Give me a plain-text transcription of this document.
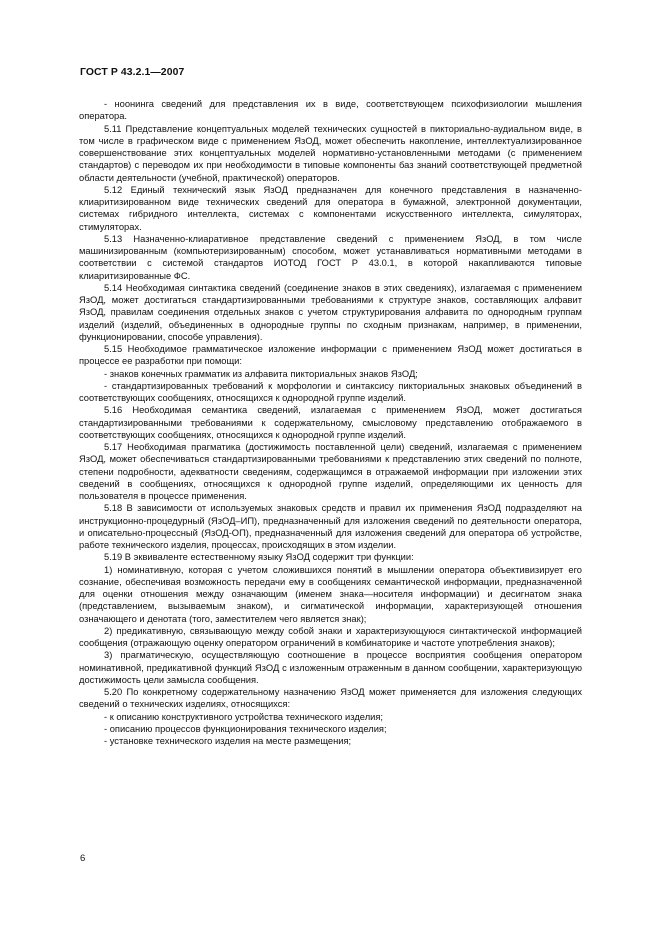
ГОСТ Р 43.2.1—2007

- ноонинга сведений для представления их в виде, соответствующем психофизиологии мышления оператора.

5.11 Представление концептуальных моделей технических сущностей в пикториально-аудиальном виде, в том числе в графическом виде с применением ЯзОД, может обеспечить накопление, интеллектуализированное совершенствование этих концептуальных моделей нормативно-установленными методами (с применением стандартов) с переводом их при необходимости в типовые компоненты баз знаний соответствующей предметной области деятельности (учебной, практической) операторов.

5.12 Единый технический язык ЯзОД предназначен для конечного представления в назначенно-клиаритизированном виде технических сведений для оператора в бумажной, электронной документации, системах гибридного интеллекта, системах с компонентами искусственного интеллекта, симуляторах, стимуляторах.

5.13 Назначенно-клиаративное представление сведений с применением ЯзОД, в том числе машинизированным (компьютеризированным) способом, может устанавливаться нормативными методами в соответствии с системой стандартов ИОТОД ГОСТ Р 43.0.1, в которой накапливаются типовые клиаритизированные ФС.

5.14 Необходимая синтактика сведений (соединение знаков в этих сведениях), излагаемая с применением ЯзОД, может достигаться стандартизированными требованиями к структуре знаков, составляющих алфавит ЯзОД, правилам соединения отдельных знаков с учетом структурирования алфавита по однородным группам изделий (изделий, объединенных в однородные группы по сходным признакам, например, в применении, функционировании, способе управления).

5.15 Необходимое грамматическое изложение информации с применением ЯзОД может достигаться в процессе ее разработки при помощи:

- знаков конечных грамматик из алфавита пикториальных знаков ЯзОД;

- стандартизированных требований к морфологии и синтаксису пикториальных знаковых объединений в соответствующих сообщениях, относящихся к однородной группе изделий.

5.16 Необходимая семантика сведений, излагаемая с применением ЯзОД, может достигаться стандартизированными требованиями к содержательному, смысловому представлению отображаемого в соответствующих сообщениях, относящихся к однородной группе изделий.

5.17 Необходимая прагматика (достижимость поставленной цели) сведений, излагаемая с применением ЯзОД, может обеспечиваться стандартизированными требованиями к представлению этих сведений по полноте, степени подробности, адекватности сведениям, содержащимся в отражаемой информации при изложении этих сведений в сообщениях, относящихся к однородной группе изделий, определяющими их ценность для пользователя в процессе применения.

5.18 В зависимости от используемых знаковых средств и правил их применения ЯзОД подразделяют на инструкционно-процедурный (ЯзОД–ИП), предназначенный для изложения сведений по деятельности оператора, и описательно-процессный (ЯзОД-ОП), предназначенный для изложения сведений для оператора об устройстве, работе технического изделия, процессах, происходящих в этом изделии.

5.19 В эквиваленте естественному языку ЯзОД содержит три функции:

1) номинативную, которая с учетом сложившихся понятий в мышлении оператора объективизирует его сознание, обеспечивая возможность передачи ему в сообщениях семантической информации, предназначенной для оценки отношения между означающим (именем знака—носителя информации) и десигнатом знака (представлением, вызываемым знаком), и сигматической информации, характеризующей отношения означающего и денотата (того, заместителем чего является знак);

2) предикативную, связывающую между собой знаки и характеризующуюся синтактической информацией сообщения (отражающую оценку оператором ограничений в комбинаторике и частоте употребления знаков);

3) прагматическую, осуществляющую соотношение в процессе восприятия сообщения оператором номинативной, предикативной функций ЯзОД с изложенным отраженным в данном сообщении, характеризующую достижимость цели замысла сообщения.

5.20 По конкретному содержательному назначению ЯзОД может применяется для изложения следующих сведений о технических изделиях, относящихся:

- к описанию конструктивного устройства технического изделия;

- описанию процессов функционирования технического изделия;

- установке технического изделия на месте размещения;

6
